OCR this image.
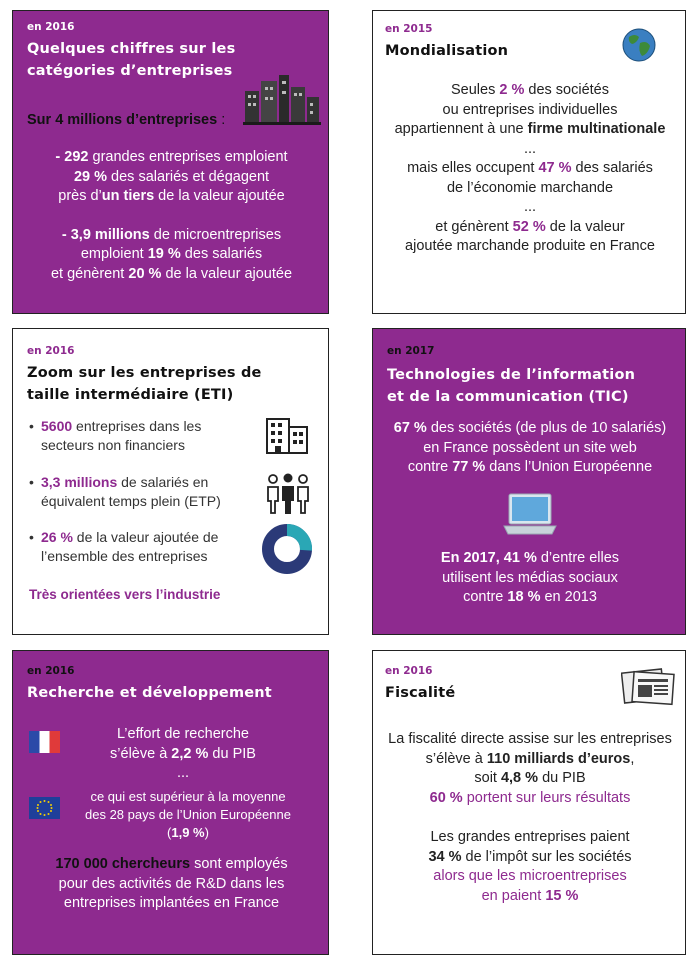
en 2016
Quelques chiffres sur les
catégories d’entreprises
Sur 4 millions d’entreprises :
- 292 grandes entreprises emploient
29 % des salariés et dégagent
près d’un tiers de la valeur ajoutée
- 3,9 millions de microentreprises
emploient 19 % des salariés
et génèrent 20 % de la valeur ajoutée
en 2015
Mondialisation
Seules 2 % des sociétés
ou entreprises individuelles
appartiennent à une firme multinationale
...
mais elles occupent 47 % des salariés
de l’économie marchande
...
et génèrent 52 % de la valeur
ajoutée marchande produite en France
en 2016
Zoom sur les entreprises de
taille intermédiaire (ETI)
• 5600 entreprises dans les
secteurs non financiers
• 3,3 millions de salariés en
équivalent temps plein (ETP)
• 26 % de la valeur ajoutée de
l’ensemble des entreprises
Très orientées vers l’industrie
en 2017
Technologies de l’information
et de la communication (TIC)
67 % des sociétés (de plus de 10 salariés)
en France possèdent un site web
contre 77 % dans l’Union Européenne
En 2017, 41 % d’entre elles
utilisent les médias sociaux
contre 18 % en 2013
en 2016
Recherche et développement
L’effort de recherche
s’élève à 2,2 % du PIB
...
ce qui est supérieur à la moyenne
des 28 pays de l’Union Européenne
(1,9 %)
170 000 chercheurs sont employés
pour des activités de R&D dans les
entreprises implantées en France
en 2016
Fiscalité
La fiscalité directe assise sur les entreprises
s’élève à 110 milliards d’euros,
soit 4,8 % du PIB
60 % portent sur leurs résultats
Les grandes entreprises paient
34 % de l’impôt sur les sociétés
alors que les microentreprises
en paient 15 %
